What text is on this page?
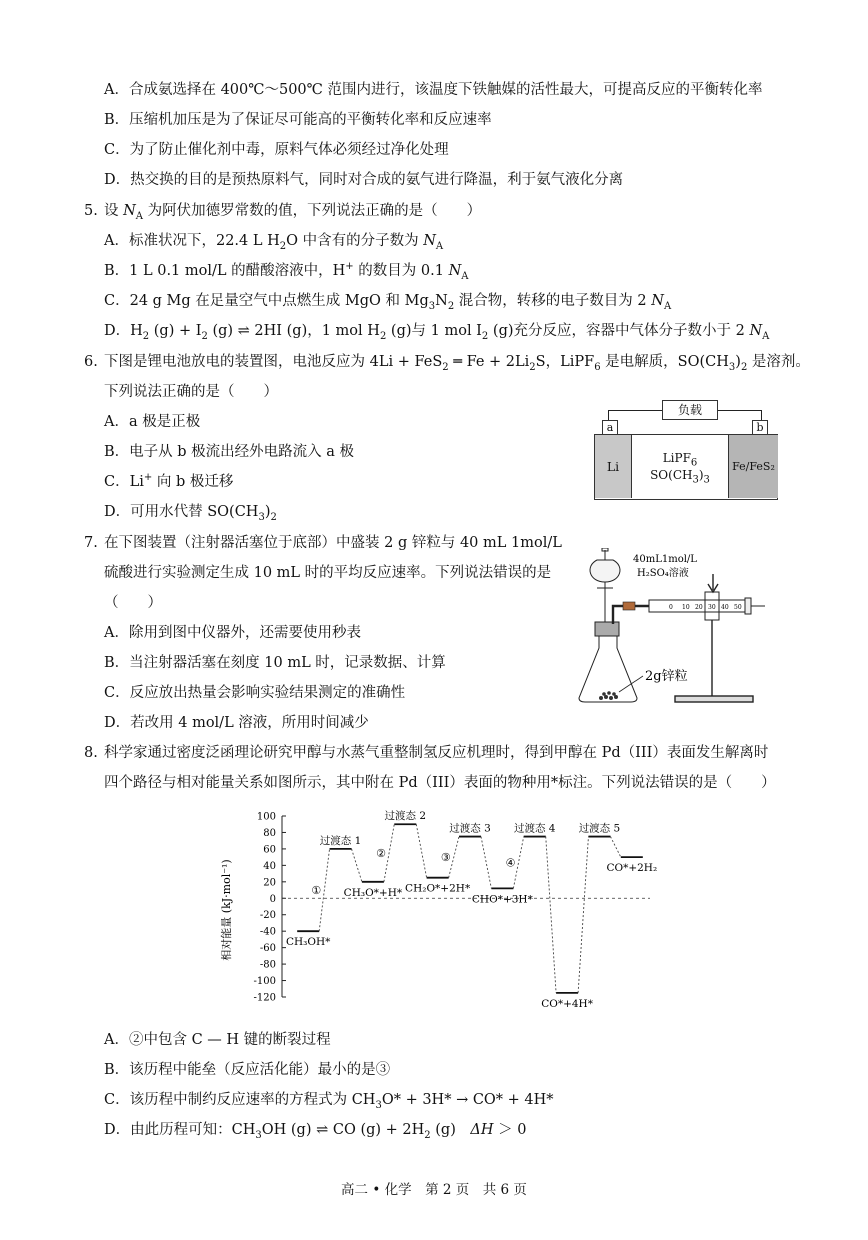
A．合成氨选择在 400℃～500℃ 范围内进行，该温度下铁触媒的活性最大，可提高反应的平衡转化率
B．压缩机加压是为了保证尽可能高的平衡转化率和反应速率
C．为了防止催化剂中毒，原料气体必须经过净化处理
D．热交换的目的是预热原料气，同时对合成的氨气进行降温，利于氨气液化分离
5. 设 $N_A$ 为阿伏加德罗常数的值，下列说法正确的是（　　）
A．标准状况下，22.4 L $H_2O$ 中含有的分子数为 $N_A$
B．1 L 0.1 mol/L 的醋酸溶液中，H+ 的数目为 0.1 $N_A$
C．24 g Mg 在足量空气中点燃生成 MgO 和 $Mg_3N_2$ 混合物，转移的电子数目为 2 $N_A$
D．$H_2$ $(g) + I_2$ (g) ⇌ 2HI (g)，1 mol $H_2$ (g)与 1 mol $I_2$ (g)充分反应，容器中气体分子数小于 2 $N_A$
6. 下图是锂电池放电的装置图，电池反应为 4Li + FeS$_2$ ═ $Fe + 2Li_2S$，LiPF$_6$ 是电解质，$SO(CH_3)_2$ 是溶剂。
下列说法正确的是（　　）
A．a 极是正极
B．电子从 b 极流出经外电路流入 a 极
C．Li+ 向 b 极迁移
D．可用水代替 $SO(CH_3)_2$
负载
a	b
Li	Fe/FeS₂
LiPF$_6$
$SO(CH_3)_3$
7. 在下图装置（注射器活塞位于底部）中盛装 2 g 锌粒与 40 mL 1mol/L
硫酸进行实验测定生成 10 mL 时的平均反应速率。下列说法错误的是
（　　）
A．除用到图中仪器外，还需要使用秒表
B．当注射器活塞在刻度 10 mL 时，记录数据、计算
C．反应放出热量会影响实验结果测定的准确性
D．若改用 4 mol/L 溶液，所用时间减少
40mL1mol/L
H₂SO₄溶液
2g锌粒
0 10 20 30 40 50
8. 科学家通过密度泛函理论研究甲醇与水蒸气重整制氢反应机理时，得到甲醇在 Pd（III）表面发生解离时
四个路径与相对能量关系如图所示，其中附在 Pd（III）表面的物种用*标注。下列说法错误的是（　　）
相对能量 (kJ·mol⁻¹)
100
80
60
40
20
0
-20
-40
-60
-80
-100
-120
CH₃OH*
过渡态 1
CH₃O*+H*
过渡态 2
CH₂O*+2H*
过渡态 3
CHO*+3H*
过渡态 4
CO*+4H*
过渡态 5
CO*+2H₂
①
②	③	④
A．②中包含 C — H 键的断裂过程
B．该历程中能垒（反应活化能）最小的是③
C．该历程中制约反应速率的方程式为 $CH_3O* + 3H* \to CO* + 4H*$
D．由此历程可知：$CH_3OH$ (g) ⇌ CO $(g) + 2H_2$ (g)　ΔH ＞ 0
高二 • 化学　第 2 页　共 6 页
